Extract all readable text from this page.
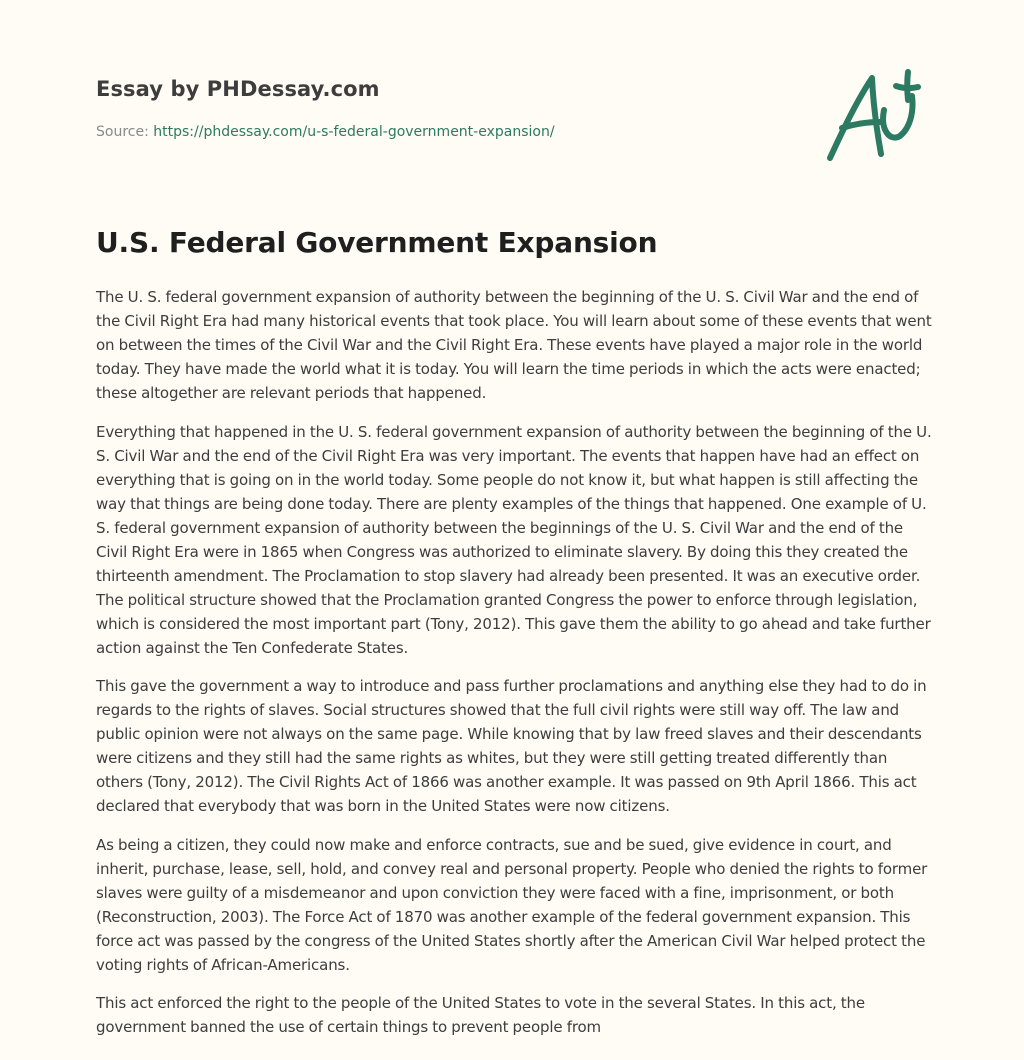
Essay by PHDessay.com
Source: https://phdessay.com/u-s-federal-government-expansion/
U.S. Federal Government Expansion

The U. S. federal government expansion of authority between the beginning of the U. S. Civil War and the end of the Civil Right Era had many historical events that took place. You will learn about some of these events that went on between the times of the Civil War and the Civil Right Era. These events have played a major role in the world today. They have made the world what it is today. You will learn the time periods in which the acts were enacted; these altogether are relevant periods that happened.

Everything that happened in the U. S. federal government expansion of authority between the beginning of the U. S. Civil War and the end of the Civil Right Era was very important. The events that happen have had an effect on everything that is going on in the world today. Some people do not know it, but what happen is still affecting the way that things are being done today. There are plenty examples of the things that happened. One example of U. S. federal government expansion of authority between the beginnings of the U. S. Civil War and the end of the Civil Right Era were in 1865 when Congress was authorized to eliminate slavery. By doing this they created the thirteenth amendment. The Proclamation to stop slavery had already been presented. It was an executive order. The political structure showed that the Proclamation granted Congress the power to enforce through legislation, which is considered the most important part (Tony, 2012). This gave them the ability to go ahead and take further action against the Ten Confederate States.

This gave the government a way to introduce and pass further proclamations and anything else they had to do in regards to the rights of slaves. Social structures showed that the full civil rights were still way off. The law and public opinion were not always on the same page. While knowing that by law freed slaves and their descendants were citizens and they still had the same rights as whites, but they were still getting treated differently than others (Tony, 2012). The Civil Rights Act of 1866 was another example. It was passed on 9th April 1866. This act declared that everybody that was born in the United States were now citizens.

As being a citizen, they could now make and enforce contracts, sue and be sued, give evidence in court, and inherit, purchase, lease, sell, hold, and convey real and personal property. People who denied the rights to former slaves were guilty of a misdemeanor and upon conviction they were faced with a fine, imprisonment, or both (Reconstruction, 2003). The Force Act of 1870 was another example of the federal government expansion. This force act was passed by the congress of the United States shortly after the American Civil War helped protect the voting rights of African-Americans.

This act enforced the right to the people of the United States to vote in the several States. In this act, the government banned the use of certain things to prevent people from
